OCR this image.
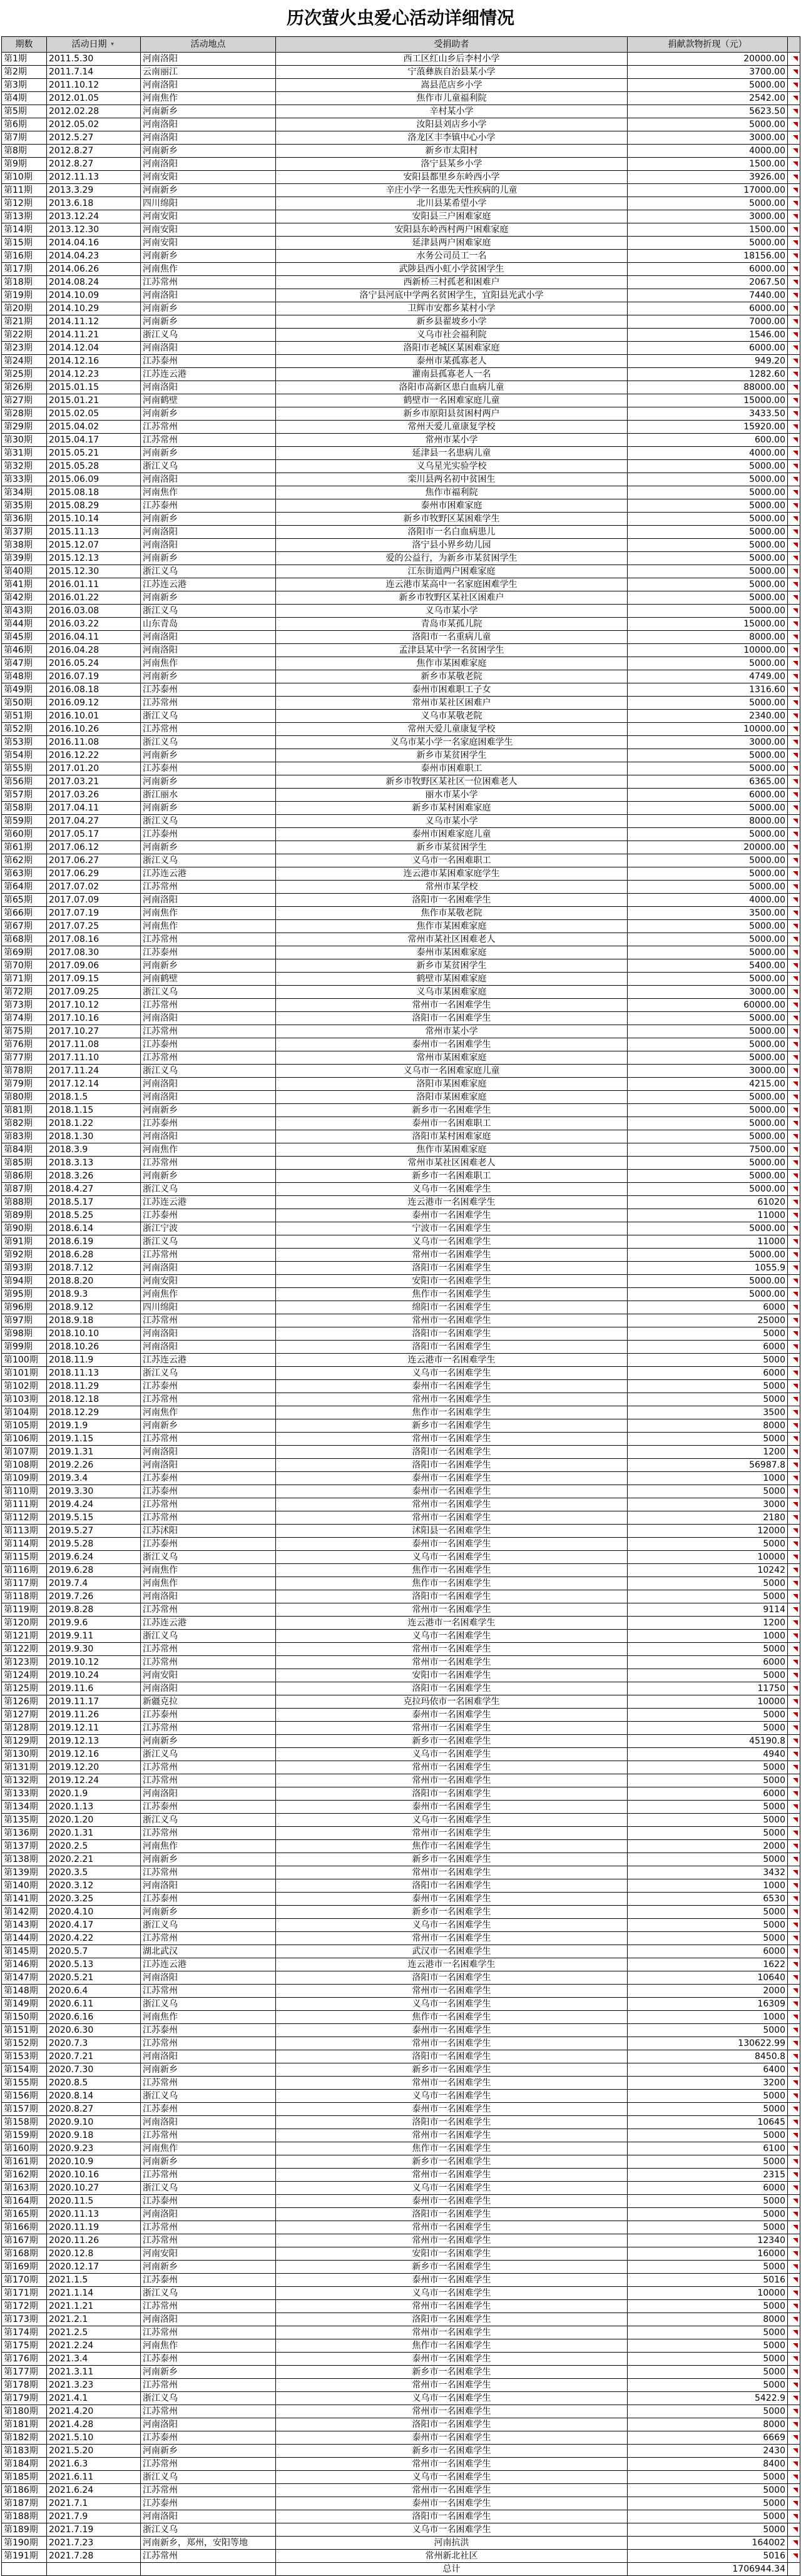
历次萤火虫爱心活动详细情况
期数	活动日期 ▾	活动地点	受捐助者	捐献款物折现（元）	
第1期	2011.5.30	河南洛阳	西工区红山乡后李村小学	20000.00	

第2期	2011.7.14	云南丽江	宁蒗彝族自治县某小学	3700.00	

第3期	2011.10.12	河南洛阳	嵩县范店乡小学	5000.00	

第4期	2012.01.05	河南焦作	焦作市儿童福利院	2542.00	

第5期	2012.02.28	河南新乡	辛村某小学	5623.50	

第6期	2012.05.02	河南洛阳	汝阳县刘店乡小学	5000.00	

第7期	2012.5.27	河南洛阳	洛龙区丰李镇中心小学	3000.00	

第8期	2012.8.27	河南新乡	新乡市太阳村	4000.00	

第9期	2012.8.27	河南洛阳	洛宁县某乡小学	1500.00	

第10期	2012.11.13	河南安阳	安阳县都里乡东岭西小学	3926.00	

第11期	2013.3.29	河南新乡	辛庄小学一名患先天性疾病的儿童	17000.00	

第12期	2013.6.18	四川绵阳	北川县某希望小学	5000.00	

第13期	2013.12.24	河南安阳	安阳县三户困难家庭	3000.00	

第14期	2013.12.30	河南安阳	安阳县东岭西村两户困难家庭	1500.00	

第15期	2014.04.16	河南安阳	延津县两户困难家庭	5000.00	

第16期	2014.04.23	河南新乡	水务公司员工一名	18156.00	

第17期	2014.06.26	河南焦作	武陟县西小虹小学贫困学生	6000.00	

第18期	2014.08.24	江苏常州	西新桥三村孤老和困难户	2067.50	

第19期	2014.10.09	河南洛阳	洛宁县河底中学两名贫困学生，宜阳县光武小学	7440.00	

第20期	2014.10.29	河南新乡	卫辉市安都乡某村小学	6000.00	

第21期	2014.11.12	河南新乡	新乡县翟坡乡小学	7000.00	

第22期	2014.11.21	浙江义乌	义乌市社会福利院	1546.00	

第23期	2014.12.04	河南洛阳	洛阳市老城区某困难家庭	6000.00	

第24期	2014.12.16	江苏泰州	泰州市某孤寡老人	949.20	

第25期	2014.12.23	江苏连云港	灌南县孤寡老人一名	1282.60	

第26期	2015.01.15	河南洛阳	洛阳市高新区患白血病儿童	88000.00	

第27期	2015.01.21	河南鹤壁	鹤壁市一名困难家庭儿童	15000.00	

第28期	2015.02.05	河南新乡	新乡市原阳县贫困村两户	3433.50	

第29期	2015.04.02	江苏常州	常州天爱儿童康复学校	15920.00	

第30期	2015.04.17	江苏常州	常州市某小学	600.00	

第31期	2015.05.21	河南新乡	延津县一名患病儿童	4000.00	

第32期	2015.05.28	浙江义乌	义乌星光实验学校	5000.00	

第33期	2015.06.09	河南洛阳	栾川县两名初中贫困生	5000.00	

第34期	2015.08.18	河南焦作	焦作市福利院	5000.00	

第35期	2015.08.29	江苏泰州	泰州市困难家庭	5000.00	

第36期	2015.10.14	河南新乡	新乡市牧野区某困难学生	5000.00	

第37期	2015.11.13	河南洛阳	洛阳市一名白血病患儿	5000.00	

第38期	2015.12.07	河南洛阳	洛宁县小界乡幼儿园	5000.00	

第39期	2015.12.13	河南新乡	爱的公益行，为新乡市某贫困学生	5000.00	

第40期	2015.12.30	浙江义乌	江东街道两户困难家庭	5000.00	

第41期	2016.01.11	江苏连云港	连云港市某高中一名家庭困难学生	5000.00	

第42期	2016.01.22	河南新乡	新乡市牧野区某社区困难户	5000.00	

第43期	2016.03.08	浙江义乌	义乌市某小学	5000.00	

第44期	2016.03.22	山东青岛	青岛市某孤儿院	15000.00	

第45期	2016.04.11	河南洛阳	洛阳市一名重病儿童	8000.00	

第46期	2016.04.28	河南洛阳	孟津县某中学一名贫困学生	10000.00	

第47期	2016.05.24	河南焦作	焦作市某困难家庭	5000.00	

第48期	2016.07.19	河南新乡	新乡市某敬老院	4749.00	

第49期	2016.08.18	江苏泰州	泰州市困难职工子女	1316.60	

第50期	2016.09.12	江苏常州	常州市某社区困难户	5000.00	

第51期	2016.10.01	浙江义乌	义乌市某敬老院	2340.00	

第52期	2016.10.26	江苏常州	常州天爱儿童康复学校	10000.00	

第53期	2016.11.08	浙江义乌	义乌市某小学一名家庭困难学生	3000.00	

第54期	2016.12.22	河南新乡	新乡市某贫困学生	5000.00	

第55期	2017.01.20	江苏泰州	泰州市困难职工	5000.00	

第56期	2017.03.21	河南新乡	新乡市牧野区某社区一位困难老人	6365.00	

第57期	2017.03.26	浙江丽水	丽水市某小学	6000.00	

第58期	2017.04.11	河南新乡	新乡市某村困难家庭	5000.00	

第59期	2017.04.27	浙江义乌	义乌市某小学	8000.00	

第60期	2017.05.17	江苏泰州	泰州市困难家庭儿童	5000.00	

第61期	2017.06.12	河南新乡	新乡市某贫困学生	20000.00	

第62期	2017.06.27	浙江义乌	义乌市一名困难职工	5000.00	

第63期	2017.06.29	江苏连云港	连云港市某困难家庭学生	5000.00	

第64期	2017.07.02	江苏常州	常州市某学校	5000.00	

第65期	2017.07.09	河南洛阳	洛阳市一名困难学生	4000.00	

第66期	2017.07.19	河南焦作	焦作市某敬老院	3500.00	

第67期	2017.07.25	河南焦作	焦作市某困难家庭	5000.00	

第68期	2017.08.16	江苏常州	常州市某社区困难老人	5000.00	

第69期	2017.08.30	江苏泰州	泰州市某困难家庭	5000.00	

第70期	2017.09.06	河南新乡	新乡市某贫困学生	5400.00	

第71期	2017.09.15	河南鹤壁	鹤壁市某困难家庭	5000.00	

第72期	2017.09.25	浙江义乌	义乌市某困难家庭	3000.00	

第73期	2017.10.12	江苏常州	常州市一名困难学生	60000.00	

第74期	2017.10.16	河南洛阳	洛阳市一名困难学生	5000.00	

第75期	2017.10.27	江苏常州	常州市某小学	5000.00	

第76期	2017.11.08	江苏泰州	泰州市一名困难学生	5000.00	

第77期	2017.11.10	江苏常州	常州市某困难家庭	5000.00	

第78期	2017.11.24	浙江义乌	义乌市一名困难家庭儿童	3000.00	

第79期	2017.12.14	河南洛阳	洛阳市某困难家庭	4215.00	

第80期	2018.1.5	河南洛阳	洛阳市某困难家庭	5000.00	

第81期	2018.1.15	河南新乡	新乡市一名困难学生	5000.00	

第82期	2018.1.22	江苏泰州	泰州市一名困难职工	5000.00	

第83期	2018.1.30	河南洛阳	洛阳市某村困难家庭	5000.00	

第84期	2018.3.9	河南焦作	焦作市某困难家庭	7500.00	

第85期	2018.3.13	江苏常州	常州市某社区困难老人	5000.00	

第86期	2018.3.26	河南新乡	新乡市一名困难职工	5000.00	

第87期	2018.4.27	浙江义乌	义乌市一名困难学生	5000.00	

第88期	2018.5.17	江苏连云港	连云港市一名困难学生	61020	

第89期	2018.5.25	江苏泰州	泰州市一名困难学生	11000	

第90期	2018.6.14	浙江宁波	宁波市一名困难学生	5000.00	

第91期	2018.6.19	浙江义乌	义乌市一名困难学生	11000	

第92期	2018.6.28	江苏常州	常州市一名困难学生	5000.00	

第93期	2018.7.12	河南洛阳	洛阳市一名困难学生	1055.9	

第94期	2018.8.20	河南安阳	安阳市一名困难学生	5000.00	

第95期	2018.9.3	河南焦作	焦作市一名困难学生	5000.00	

第96期	2018.9.12	四川绵阳	绵阳市一名困难学生	6000	

第97期	2018.9.18	江苏常州	常州市一名困难学生	25000	

第98期	2018.10.10	河南洛阳	洛阳市一名困难学生	5000	

第99期	2018.10.26	河南洛阳	洛阳市一名困难学生	6000	

第100期	2018.11.9	江苏连云港	连云港市一名困难学生	5000	

第101期	2018.11.13	浙江义乌	义乌市一名困难学生	6000	

第102期	2018.11.29	江苏泰州	泰州市一名困难学生	5000	

第103期	2018.12.18	江苏常州	常州市一名困难学生	5000	

第104期	2018.12.29	河南焦作	焦作市一名困难学生	3500	

第105期	2019.1.9	河南新乡	新乡市一名困难学生	8000	

第106期	2019.1.15	江苏常州	常州市一名困难学生	5000	

第107期	2019.1.31	河南洛阳	洛阳市一名困难学生	1200	

第108期	2019.2.26	河南洛阳	洛阳市一名困难学生	56987.8	

第109期	2019.3.4	江苏泰州	泰州市一名困难学生	1000	

第110期	2019.3.30	江苏泰州	泰州市一名困难学生	5000	

第111期	2019.4.24	江苏常州	常州市一名困难学生	3000	

第112期	2019.5.15	江苏常州	常州市一名困难学生	2180	

第113期	2019.5.27	江苏沭阳	沭阳县一名困难学生	12000	

第114期	2019.5.28	江苏泰州	泰州市一名困难学生	5000	

第115期	2019.6.24	浙江义乌	义乌市一名困难学生	10000	

第116期	2019.6.28	河南焦作	焦作市一名困难学生	10242	

第117期	2019.7.4	河南焦作	焦作市一名困难学生	5000	

第118期	2019.7.26	河南洛阳	洛阳市一名困难学生	5000	

第119期	2019.8.28	江苏常州	常州市一名困难学生	9114	

第120期	2019.9.6	江苏连云港	连云港市一名困难学生	1200	

第121期	2019.9.11	浙江义乌	义乌市一名困难学生	1000	

第122期	2019.9.30	江苏常州	常州市一名困难学生	5000	

第123期	2019.10.12	江苏常州	常州市一名困难学生	6000	

第124期	2019.10.24	河南安阳	安阳市一名困难学生	5000	

第125期	2019.11.6	河南洛阳	洛阳市一名困难学生	11750	

第126期	2019.11.17	新疆克拉	克拉玛依市一名困难学生	10000	

第127期	2019.11.26	江苏泰州	泰州市一名困难学生	5000	

第128期	2019.12.11	江苏常州	常州市一名困难学生	5000	

第129期	2019.12.13	河南新乡	新乡市一名困难学生	45190.8	

第130期	2019.12.16	浙江义乌	义乌市一名困难学生	4940	

第131期	2019.12.20	江苏常州	常州市一名困难学生	5000	

第132期	2019.12.24	江苏常州	常州市一名困难学生	5000	

第133期	2020.1.9	河南洛阳	洛阳市一名困难学生	6000	

第134期	2020.1.13	江苏泰州	泰州市一名困难学生	5000	

第135期	2020.1.20	浙江义乌	义乌市一名困难学生	5000	

第136期	2020.1.31	江苏常州	常州市一名困难学生	5000	

第137期	2020.2.5	河南焦作	焦作市一名困难学生	2000	

第138期	2020.2.21	河南新乡	新乡市一名困难学生	5000	

第139期	2020.3.5	江苏常州	常州市一名困难学生	3432	

第140期	2020.3.12	河南洛阳	洛阳市一名困难学生	1000	

第141期	2020.3.25	江苏泰州	泰州市一名困难学生	6530	

第142期	2020.4.10	河南新乡	新乡市一名困难学生	5000	

第143期	2020.4.17	浙江义乌	义乌市一名困难学生	5000	

第144期	2020.4.22	江苏常州	常州市一名困难学生	5000	

第145期	2020.5.7	湖北武汉	武汉市一名困难学生	6000	

第146期	2020.5.13	江苏连云港	连云港市一名困难学生	1622	

第147期	2020.5.21	河南洛阳	洛阳市一名困难学生	10640	

第148期	2020.6.4	江苏常州	常州市一名困难学生	2000	

第149期	2020.6.11	浙江义乌	义乌市一名困难学生	16309	

第150期	2020.6.16	河南焦作	焦作市一名困难学生	1000	

第151期	2020.6.30	江苏泰州	泰州市一名困难学生	5000	

第152期	2020.7.3	江苏常州	常州市一名困难学生	130622.99	

第153期	2020.7.21	河南洛阳	洛阳市一名困难学生	8450.8	

第154期	2020.7.30	河南新乡	新乡市一名困难学生	6400	

第155期	2020.8.5	江苏常州	常州市一名困难学生	3200	

第156期	2020.8.14	浙江义乌	义乌市一名困难学生	5000	

第157期	2020.8.27	江苏泰州	泰州市一名困难学生	5000	

第158期	2020.9.10	河南洛阳	洛阳市一名困难学生	10645	

第159期	2020.9.18	江苏常州	常州市一名困难学生	5000	

第160期	2020.9.23	河南焦作	焦作市一名困难学生	6100	

第161期	2020.10.9	河南新乡	新乡市一名困难学生	5000	

第162期	2020.10.16	江苏常州	常州市一名困难学生	2315	

第163期	2020.10.27	浙江义乌	义乌市一名困难学生	6000	

第164期	2020.11.5	江苏泰州	泰州市一名困难学生	5000	

第165期	2020.11.13	河南洛阳	洛阳市一名困难学生	5000	

第166期	2020.11.19	江苏常州	常州市一名困难学生	5000	

第167期	2020.11.26	江苏常州	常州市一名困难学生	12340	

第168期	2020.12.8	河南安阳	安阳市一名困难学生	16000	

第169期	2020.12.17	河南新乡	新乡市一名困难学生	5000	

第170期	2021.1.5	江苏泰州	泰州市一名困难学生	5016	

第171期	2021.1.14	浙江义乌	义乌市一名困难学生	10000	

第172期	2021.1.21	江苏常州	常州市一名困难学生	5000	

第173期	2021.2.1	河南洛阳	洛阳市一名困难学生	8000	

第174期	2021.2.5	江苏常州	常州市一名困难学生	5000	

第175期	2021.2.24	河南焦作	焦作市一名困难学生	5000	

第176期	2021.3.4	江苏泰州	泰州市一名困难学生	5000	

第177期	2021.3.11	河南新乡	新乡市一名困难学生	5000	

第178期	2021.3.23	江苏常州	常州市一名困难学生	5000	

第179期	2021.4.1	浙江义乌	义乌市一名困难学生	5422.9	

第180期	2021.4.20	江苏常州	常州市一名困难学生	5000	

第181期	2021.4.28	河南洛阳	洛阳市一名困难学生	8000	

第182期	2021.5.10	江苏泰州	泰州市一名困难学生	6669	

第183期	2021.5.20	河南新乡	新乡市一名困难学生	2430	

第184期	2021.6.3	江苏常州	常州市一名困难学生	8400	

第185期	2021.6.11	浙江义乌	义乌市一名困难学生	5000	

第186期	2021.6.24	江苏常州	常州市一名困难学生	5000	

第187期	2021.7.1	江苏泰州	泰州市一名困难学生	5000	

第188期	2021.7.9	河南洛阳	洛阳市一名困难学生	5000	

第189期	2021.7.19	浙江义乌	义乌市一名困难学生	5000	

第190期	2021.7.23	河南新乡，郑州，安阳等地	河南抗洪	164002	

第191期	2021.7.28	江苏常州	常州新北社区	5016	

			总计	1706944.34	
